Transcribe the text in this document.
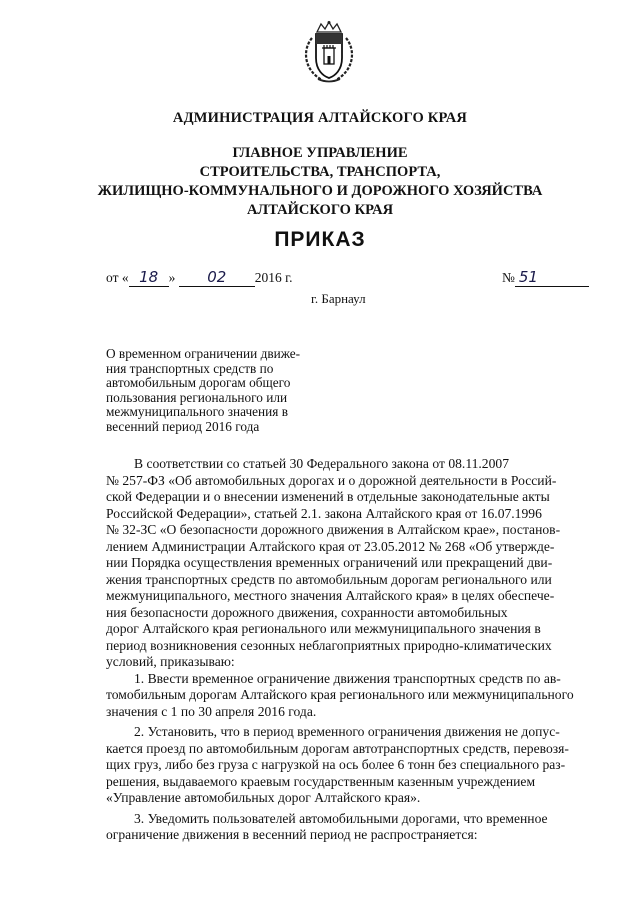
АДМИНИСТРАЦИЯ АЛТАЙСКОГО КРАЯ
ГЛАВНОЕ УПРАВЛЕНИЕ
СТРОИТЕЛЬСТВА, ТРАНСПОРТА,
ЖИЛИЩНО-КОММУНАЛЬНОГО И ДОРОЖНОГО ХОЗЯЙСТВА
АЛТАЙСКОГО КРАЯ
ПРИКАЗ
от « 18 » 02 2016 г.	№ 51
г. Барнаул
О временном ограничении движе-
ния транспортных средств по
автомобильным дорогам общего
пользования регионального или
межмуниципального значения в
весенний период 2016 года
В соответствии со статьей 30 Федерального закона от 08.11.2007
№ 257-ФЗ «Об автомобильных дорогах и о дорожной деятельности в Россий-
ской Федерации и о внесении изменений в отдельные законодательные акты
Российской Федерации», статьей 2.1. закона Алтайского края от 16.07.1996
№ 32-ЗС «О безопасности дорожного движения в Алтайском крае», постанов-
лением Администрации Алтайского края от 23.05.2012 № 268 «Об утвержде-
нии Порядка осуществления временных ограничений или прекращений дви-
жения транспортных средств по автомобильным дорогам регионального или
межмуниципального, местного значения Алтайского края» в целях обеспече-
ния безопасности дорожного движения, сохранности автомобильных
дорог Алтайского края регионального или межмуниципального значения в
период возникновения сезонных неблагоприятных природно-климатических
условий, приказываю:
1. Ввести временное ограничение движения транспортных средств по ав-
томобильным дорогам Алтайского края регионального или межмуниципального
значения с 1 по 30 апреля 2016 года.
2. Установить, что в период временного ограничения движения не допус-
кается проезд по автомобильным дорогам автотранспортных средств, перевозя-
щих груз, либо без груза с нагрузкой на ось более 6 тонн без специального раз-
решения, выдаваемого краевым государственным казенным учреждением
«Управление автомобильных дорог Алтайского края».
3. Уведомить пользователей автомобильными дорогами, что временное
ограничение движения в весенний период не распространяется:
